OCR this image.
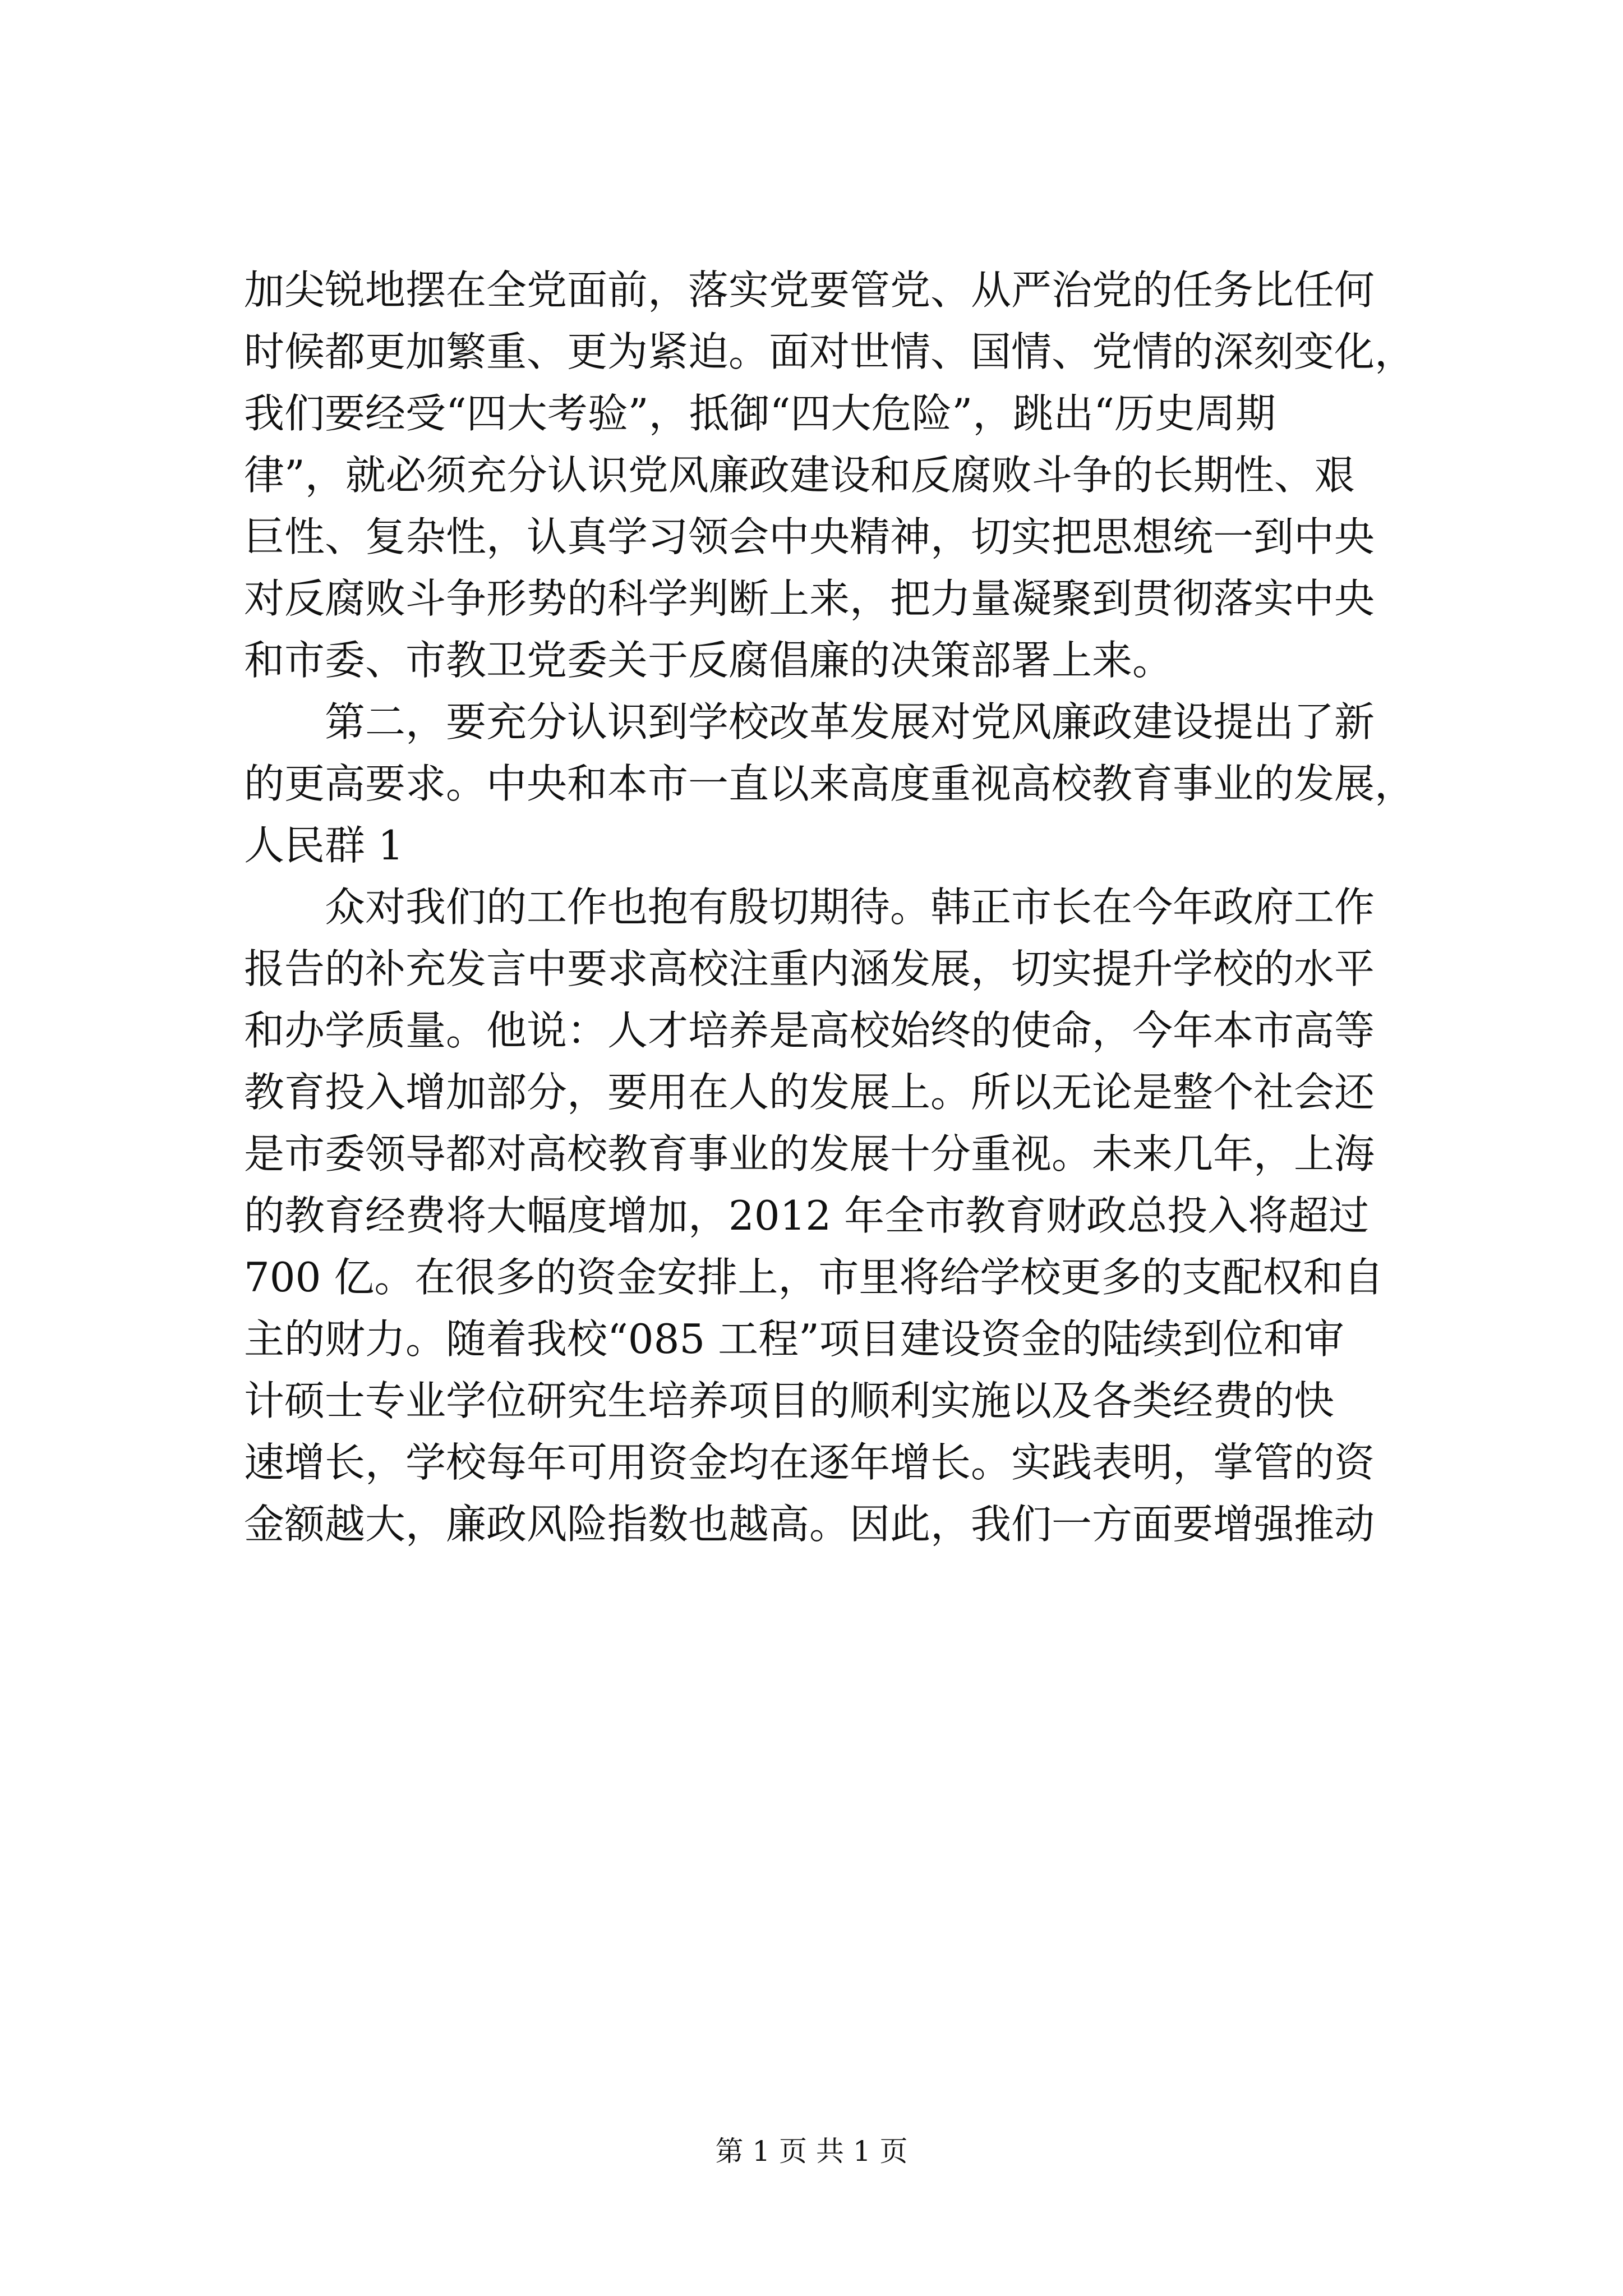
加尖锐地摆在全党面前，落实党要管党、从严治党的任务比任何
时候都更加繁重、更为紧迫。面对世情、国情、党情的深刻变化，
我们要经受“四大考验”，抵御“四大危险”，跳出“历史周期
律”，就必须充分认识党风廉政建设和反腐败斗争的长期性、艰
巨性、复杂性，认真学习领会中央精神，切实把思想统一到中央
对反腐败斗争形势的科学判断上来，把力量凝聚到贯彻落实中央
和市委、市教卫党委关于反腐倡廉的决策部署上来。
第二，要充分认识到学校改革发展对党风廉政建设提出了新
的更高要求。中央和本市一直以来高度重视高校教育事业的发展，
人民群 1
众对我们的工作也抱有殷切期待。韩正市长在今年政府工作
报告的补充发言中要求高校注重内涵发展，切实提升学校的水平
和办学质量。他说：人才培养是高校始终的使命，今年本市高等
教育投入增加部分，要用在人的发展上。所以无论是整个社会还
是市委领导都对高校教育事业的发展十分重视。未来几年，上海
的教育经费将大幅度增加，2012 年全市教育财政总投入将超过
700 亿。在很多的资金安排上，市里将给学校更多的支配权和自
主的财力。随着我校“085 工程”项目建设资金的陆续到位和审
计硕士专业学位研究生培养项目的顺利实施以及各类经费的快
速增长，学校每年可用资金均在逐年增长。实践表明，掌管的资
金额越大，廉政风险指数也越高。因此，我们一方面要增强推动
第 1 页 共 1 页
